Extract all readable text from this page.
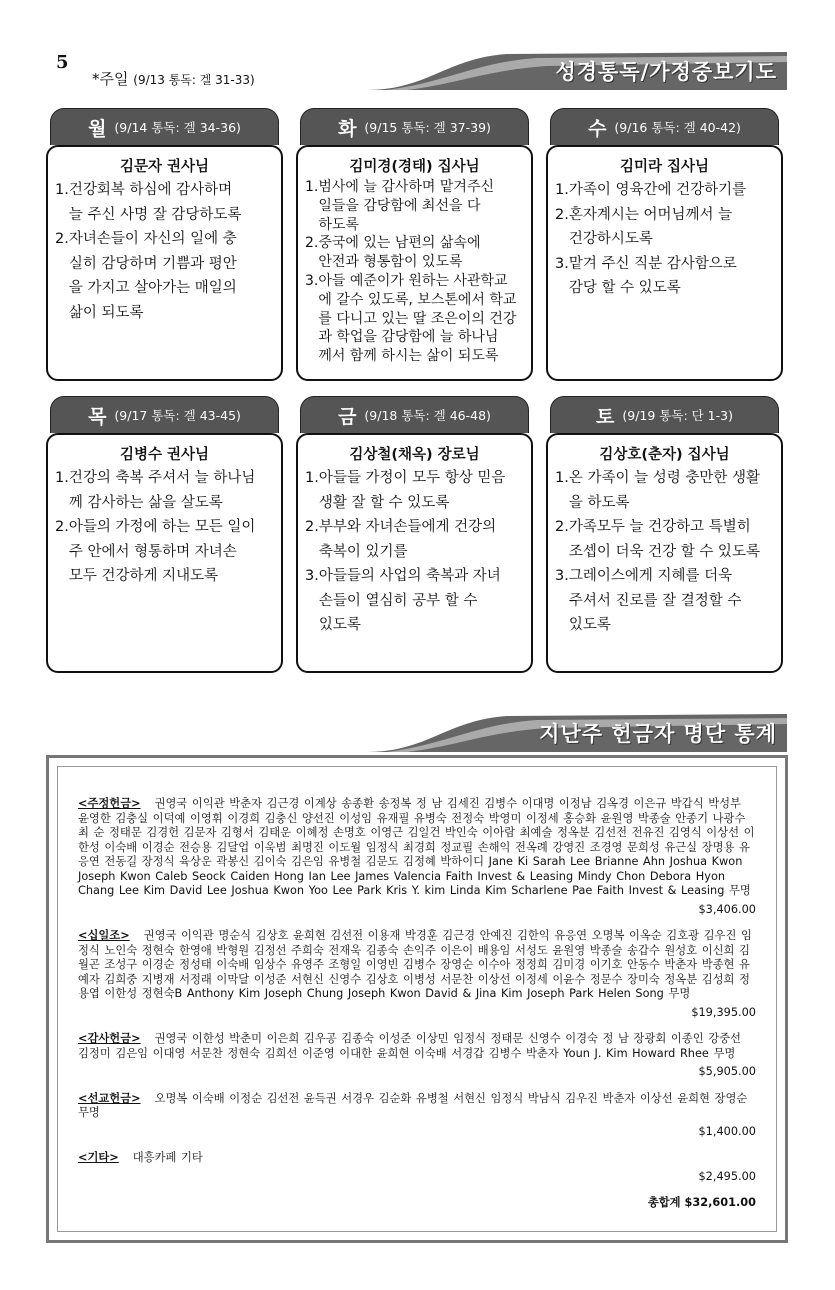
5
*주일 (9/13 통독: 겔 31-33)	성경통독/가정중보기도
월 (9/14 통독: 겔 34-36)
김문자 권사님
1.건강회복 하심에 감사하며
늘 주신 사명 잘 감당하도록
2.자녀손들이 자신의 일에 충
실히 감당하며 기쁨과 평안
을 가지고 살아가는 매일의
삶이 되도록
화 (9/15 통독: 겔 37-39)
김미경(경태) 집사님
1.범사에 늘 감사하며 맡겨주신
일들을 감당함에 최선을 다
하도록
2.중국에 있는 남편의 삶속에
안전과 형통함이 있도록
3.아들 예준이가 원하는 사관학교
에 갈수 있도록, 보스톤에서 학교
를 다니고 있는 딸 조은이의 건강
과 학업을 감당함에 늘 하나님
께서 함께 하시는 삶이 되도록
수 (9/16 통독: 겔 40-42)
김미라 집사님
1.가족이 영육간에 건강하기를
2.혼자계시는 어머님께서 늘
건강하시도록
3.맡겨 주신 직분 감사함으로
감당 할 수 있도록
목 (9/17 통독: 겔 43-45)
김병수 권사님
1.건강의 축복 주셔서 늘 하나님
께 감사하는 삶을 살도록
2.아들의 가정에 하는 모든 일이
주 안에서 형통하며 자녀손
모두 건강하게 지내도록
금 (9/18 통독: 겔 46-48)
김상철(채옥) 장로님
1.아들들 가정이 모두 항상 믿음
생활 잘 할 수 있도록
2.부부와 자녀손들에게 건강의
축복이 있기를
3.아들들의 사업의 축복과 자녀
손들이 열심히 공부 할 수
있도록
토 (9/19 통독: 단 1-3)
김상호(춘자) 집사님
1.온 가족이 늘 성령 충만한 생활
을 하도록
2.가족모두 늘 건강하고 특별히
조셉이 더욱 건강 할 수 있도록
3.그레이스에게 지혜를 더욱
주셔서 진로를 잘 결정할 수
있도록
지난주 헌금자 명단 통계
<주정헌금> 권영국 이익관 박춘자 김근경 이계상 송종환 송정복 정 남 김세진 김병수 이대명 이정남 김옥경 이은규 박갑식 박성부 윤영한 김충실 이덕예 이영휘 이경희 김충신 양선진 이성임 유재필 유병숙 전정숙 박영미 이정세 홍승화 윤원영 박종술 안종기 나광수 최 순 정태문 김경헌 김문자 김형서 김태운 이혜정 손명호 이영근 김일건 박인숙 이아람 최예술 정옥분 김선전 전유진 김영식 이상선 이한성 이숙배 이경순 전승용 김달업 이욱범 최명진 이도월 임정식 최경희 정교필 손해익 전옥례 강영진 조경영 문희성 유근실 장명용 유응연 전동길 장정식 육상운 곽봉신 김이숙 김은임 유병철 김문도 김정혜 박하이디 Jane Ki Sarah Lee Brianne Ahn Joshua Kwon Joseph Kwon Caleb Seock Caiden Hong Ian Lee James Valencia Faith Invest & Leasing Mindy Chon Debora Hyon Chang Lee Kim David Lee Joshua Kwon Yoo Lee Park Kris Y. kim Linda Kim Scharlene Pae Faith Invest & Leasing 무명
$3,406.00
<십일조> 권영국 이익관 명순식 김상호 윤희현 김선전 이용재 박경훈 김근경 안예진 김한익 유응연 오명복 이옥순 김호광 김우진 임정식 노인숙 정현숙 한영애 박형원 김정선 주희숙 전재욱 김종숙 손익주 이은이 배용임 서성도 윤원영 박종술 송갑수 원성호 이신희 김월곤 조성구 이경순 정성태 이숙배 임상수 유영주 조형일 이영빈 김병수 장영순 이수아 정정희 김미경 이기호 안동수 박춘자 박종현 유예자 김희중 지병재 서정래 이막달 이성준 서현신 신영수 김상호 이병성 서문찬 이상선 이정세 이윤수 정문수 장미숙 정옥분 김성희 정용엽 이한성 정현숙B Anthony Kim Joseph Chung Joseph Kwon David & Jina Kim Joseph Park Helen Song 무명
$19,395.00
<감사헌금> 권영국 이한성 박춘미 이은희 김우공 김종숙 이성준 이상민 임정식 정태문 신영수 이경숙 정 남 장광회 이종인 강중선 김정미 김은임 이대영 서문찬 정현숙 김희선 이준영 이대한 윤희현 이숙배 서경갑 김병수 박춘자 Youn J. Kim Howard Rhee 무명
$5,905.00
<선교헌금> 오명복 이숙배 이정순 김선전 윤득권 서경우 김순화 유병철 서현신 임정식 박남식 김우진 박춘자 이상선 윤희현 장영순 무명
$1,400.00
<기타> 대흥카페 기타
$2,495.00
총합계 $32,601.00
